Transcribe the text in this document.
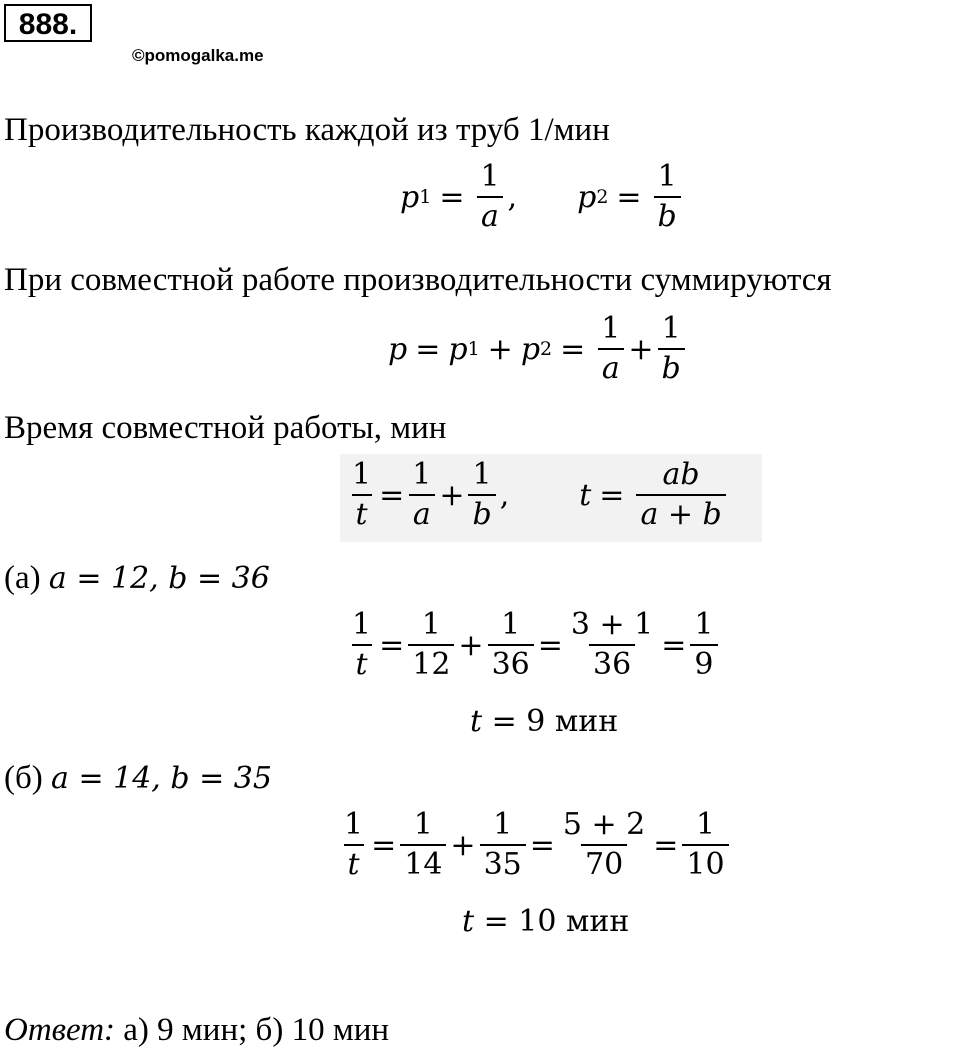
888.
©pomogalka.me
Производительность каждой из труб 1/мин
p $1 = \frac{1}{a}$ , p $2 = \frac{1}{b}$
При совместной работе производительности суммируются
p = p 1 + p $2 = \frac{1}{a} + \frac{1}{b}$
Время совместной работы, мин
$\frac{1}{t} = \frac{1}{a} + \frac{1}{b}$ , $t = \frac{ab}{a + b}$
(а) a = 12, b = 36
$\frac{1}{t} = \frac{1}{12} + \frac{1}{36} = \frac{3 + 1}{36} = \frac{1}{9}$
t
= 9 мин
(б) a = 14, b = 35
$\frac{1}{t} = \frac{1}{14} + \frac{1}{35} = \frac{5 + 2}{70} = \frac{1}{10}$
t
= 10 мин
Ответ: а) 9 мин; б) 10 мин
